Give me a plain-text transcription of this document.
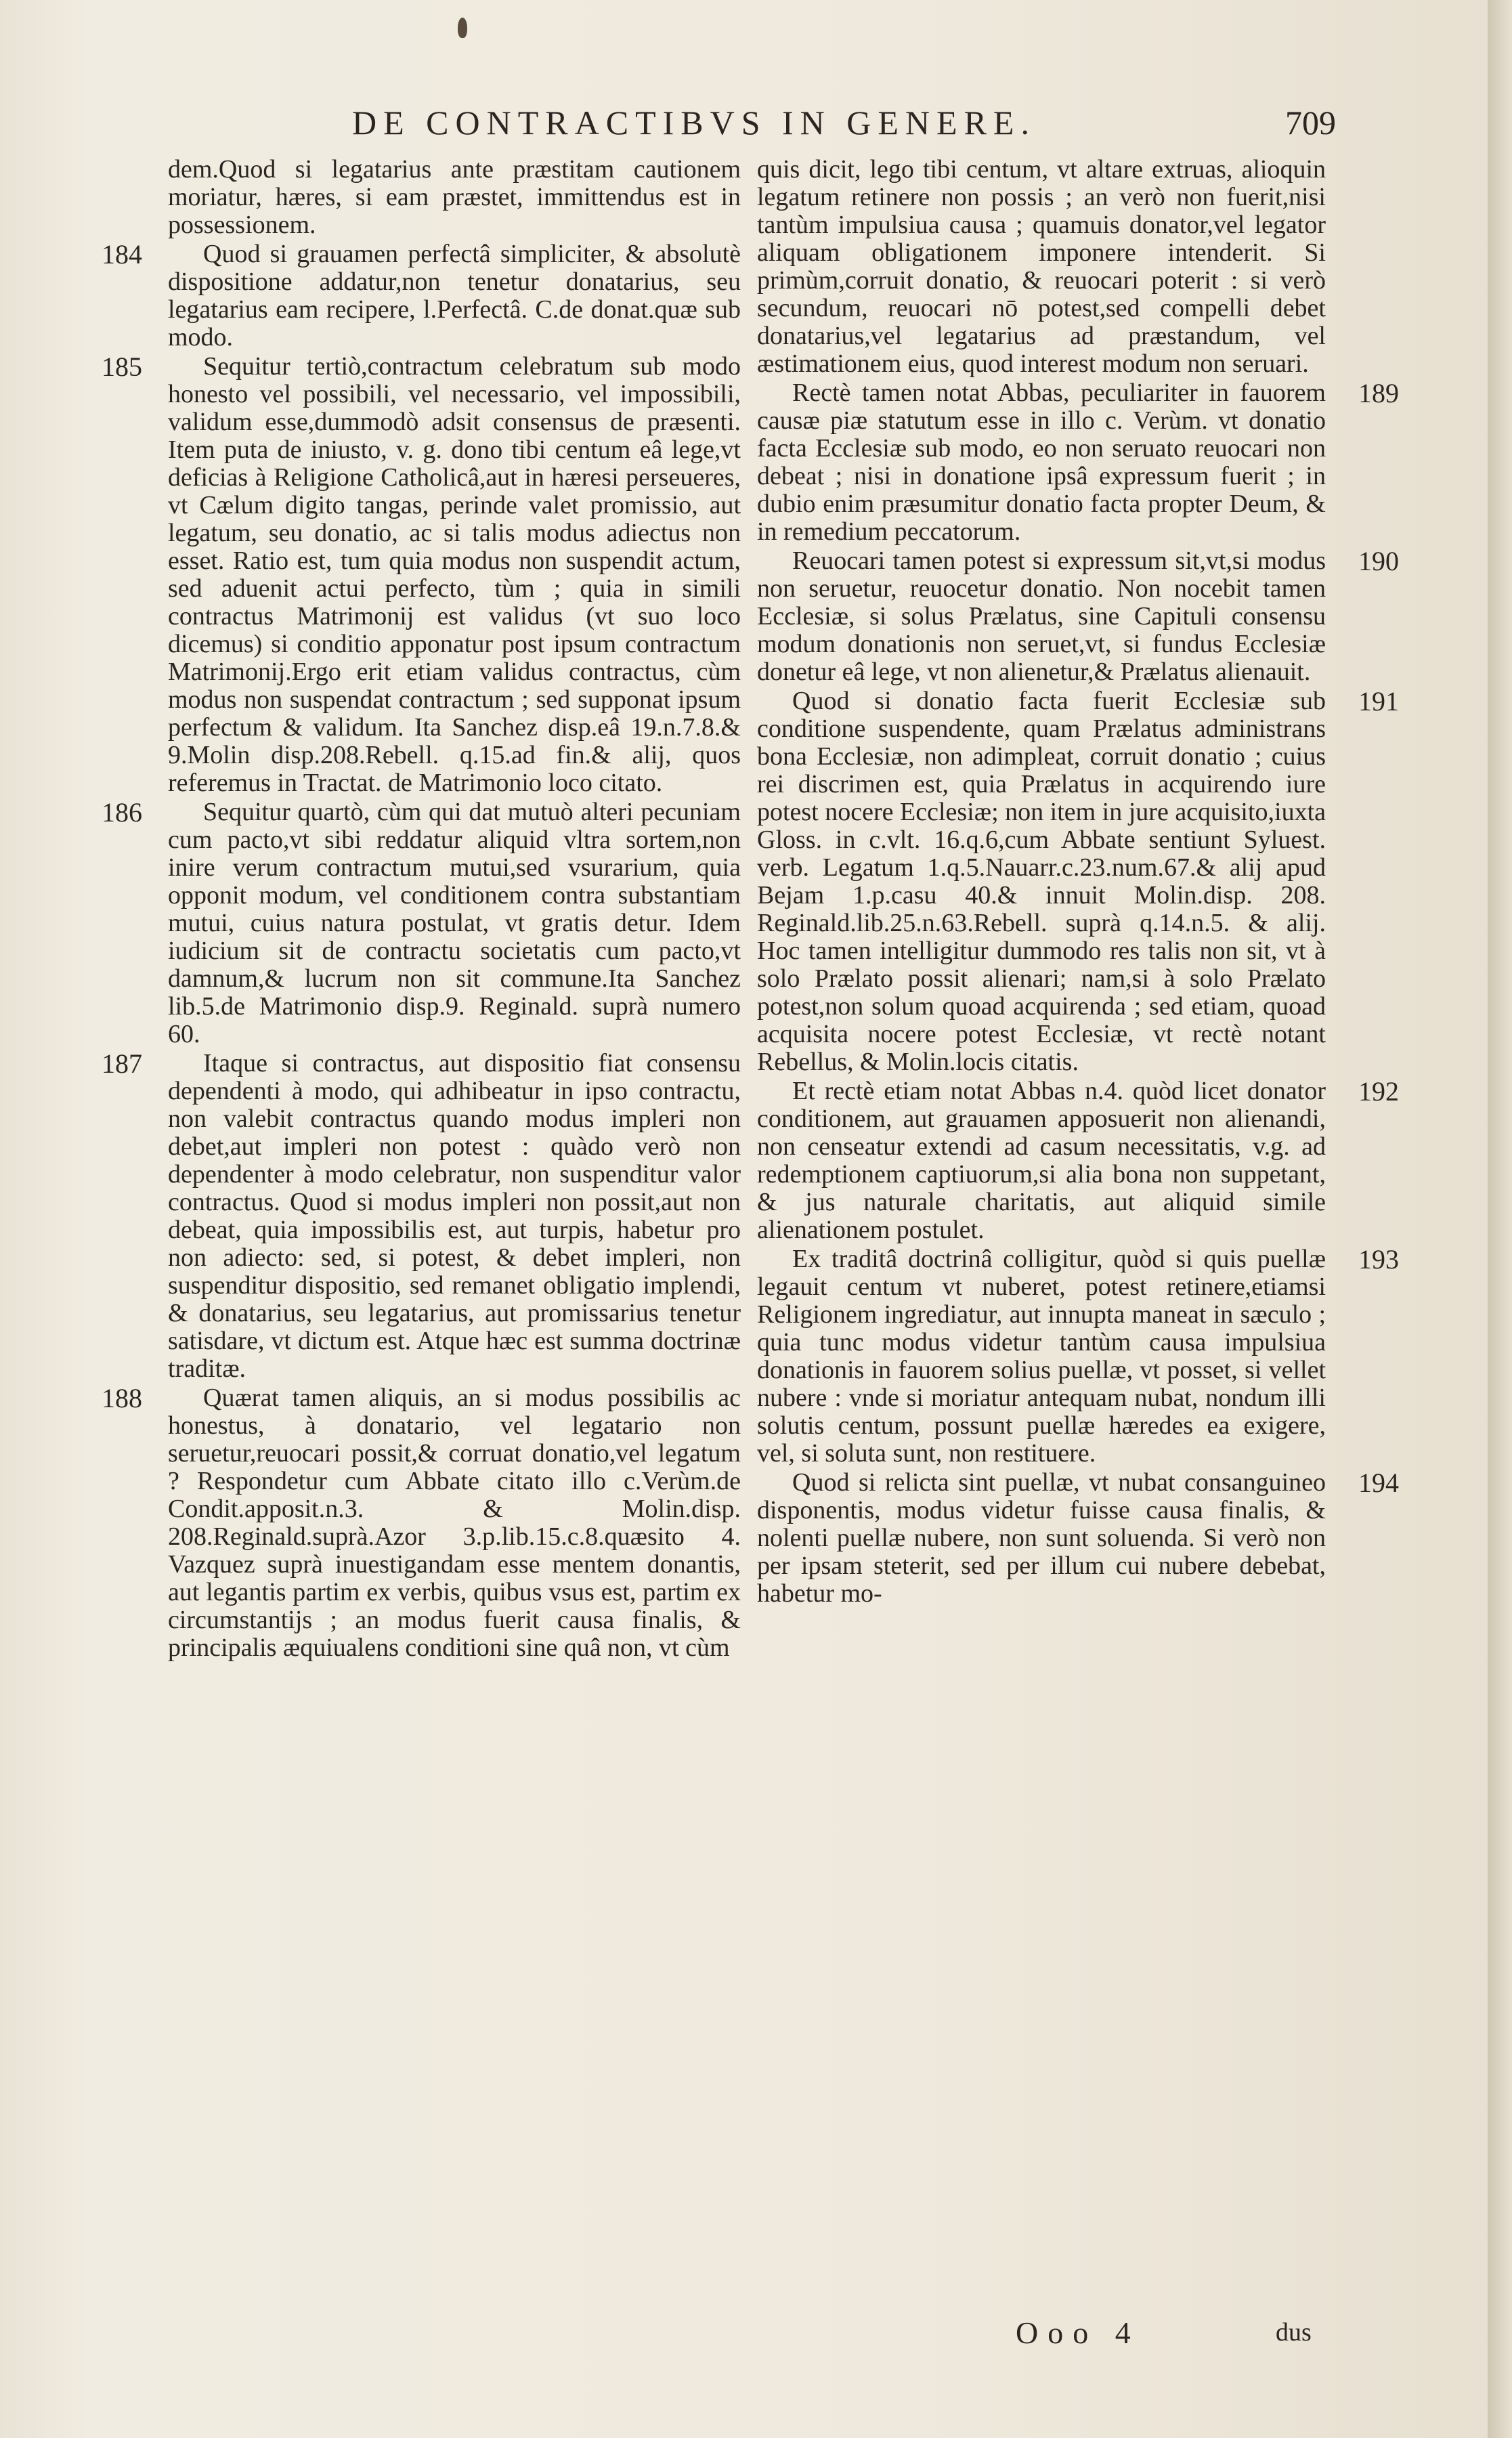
DE CONTRACTIBVS IN GENERE.	709
dem.Quod si legatarius ante præstitam cautionem moriatur, hæres, si eam præstet, immittendus est in possessionem.
184	Quod si grauamen perfectâ simpliciter, & absolutè dispositione addatur,non tenetur donatarius, seu legatarius eam recipere, l.Perfectâ. C.de donat.quæ sub modo.
185	Sequitur tertiò,contractum celebratum sub modo honesto vel possibili, vel necessario, vel impossibili, validum esse,dummodò adsit consensus de præsenti. Item puta de iniusto, v. g. dono tibi centum eâ lege,vt deficias à Religione Catholicâ,aut in hæresi perseueres, vt Cælum digito tangas, perinde valet promissio, aut legatum, seu donatio, ac si talis modus adiectus non esset. Ratio est, tum quia modus non suspendit actum, sed aduenit actui perfecto, tùm ; quia in simili contractus Matrimonij est validus (vt suo loco dicemus) si conditio apponatur post ipsum contractum Matrimonij.Ergo erit etiam validus contractus, cùm modus non suspendat contractum ; sed supponat ipsum perfectum & validum. Ita Sanchez disp.eâ 19.n.7.8.& 9.Molin disp.208.Rebell. q.15.ad fin.& alij, quos referemus in Tractat. de Matrimonio loco citato.
186	Sequitur quartò, cùm qui dat mutuò alteri pecuniam cum pacto,vt sibi reddatur aliquid vltra sortem,non inire verum contractum mutui,sed vsurarium, quia opponit modum, vel conditionem contra substantiam mutui, cuius natura postulat, vt gratis detur. Idem iudicium sit de contractu societatis cum pacto,vt damnum,& lucrum non sit commune.Ita Sanchez lib.5.de Matrimonio disp.9. Reginald. suprà numero 60.
187	Itaque si contractus, aut dispositio fiat consensu dependenti à modo, qui adhibeatur in ipso contractu, non valebit contractus quando modus impleri non debet,aut impleri non potest : quàdo verò non dependenter à modo celebratur, non suspenditur valor contractus. Quod si modus impleri non possit,aut non debeat, quia impossibilis est, aut turpis, habetur pro non adiecto: sed, si potest, & debet impleri, non suspenditur dispositio, sed remanet obligatio implendi, & donatarius, seu legatarius, aut promissarius tenetur satisdare, vt dictum est. Atque hæc est summa doctrinæ traditæ.
188	Quærat tamen aliquis, an si modus possibilis ac honestus, à donatario, vel legatario non seruetur,reuocari possit,& corruat donatio,vel legatum ? Respondetur cum Abbate citato illo c.Verùm.de Condit.apposit.n.3. & Molin.disp. 208.Reginald.suprà.Azor 3.p.lib.15.c.8.quæsito 4. Vazquez suprà inuestigandam esse mentem donantis, aut legantis partim ex verbis, quibus vsus est, partim ex circumstantijs ; an modus fuerit causa finalis, & principalis æquiualens conditioni sine quâ non, vt cùm
quis dicit, lego tibi centum, vt altare extruas, alioquin legatum retinere non possis ; an verò non fuerit,nisi tantùm impulsiua causa ; quamuis donator,vel legator aliquam obligationem imponere intenderit. Si primùm,corruit donatio, & reuocari poterit : si verò secundum, reuocari nō potest,sed compelli debet donatarius,vel legatarius ad præstandum, vel æstimationem eius, quod interest modum non seruari.
189
Rectè tamen notat Abbas, peculiariter in fauorem causæ piæ statutum esse in illo c. Verùm. vt donatio facta Ecclesiæ sub modo, eo non seruato reuocari non debeat ; nisi in donatione ipsâ expressum fuerit ; in dubio enim præsumitur donatio facta propter Deum, & in remedium peccatorum.
190
Reuocari tamen potest si expressum sit,vt,si modus non seruetur, reuocetur donatio. Non nocebit tamen Ecclesiæ, si solus Prælatus, sine Capituli consensu modum donationis non seruet,vt, si fundus Ecclesiæ donetur eâ lege, vt non alienetur,& Prælatus alienauit.
191
Quod si donatio facta fuerit Ecclesiæ sub conditione suspendente, quam Prælatus administrans bona Ecclesiæ, non adimpleat, corruit donatio ; cuius rei discrimen est, quia Prælatus in acquirendo iure potest nocere Ecclesiæ; non item in jure acquisito,iuxta Gloss. in c.vlt. 16.q.6,cum Abbate sentiunt Syluest. verb. Legatum 1.q.5.Nauarr.c.23.num.67.& alij apud Bejam 1.p.casu 40.& innuit Molin.disp. 208. Reginald.lib.25.n.63.Rebell. suprà q.14.n.5. & alij. Hoc tamen intelligitur dummodo res talis non sit, vt à solo Prælato possit alienari; nam,si à solo Prælato potest,non solum quoad acquirenda ; sed etiam, quoad acquisita nocere potest Ecclesiæ, vt rectè notant Rebellus, & Molin.locis citatis.
192
Et rectè etiam notat Abbas n.4. quòd licet donator conditionem, aut grauamen apposuerit non alienandi, non censeatur extendi ad casum necessitatis, v.g. ad redemptionem captiuorum,si alia bona non suppetant, & jus naturale charitatis, aut aliquid simile alienationem postulet.
193
Ex traditâ doctrinâ colligitur, quòd si quis puellæ legauit centum vt nuberet, potest retinere,etiamsi Religionem ingrediatur, aut innupta maneat in sæculo ; quia tunc modus videtur tantùm causa impulsiua donationis in fauorem solius puellæ, vt posset, si vellet nubere : vnde si moriatur antequam nubat, nondum illi solutis centum, possunt puellæ hæredes ea exigere, vel, si soluta sunt, non restituere.
194
Quod si relicta sint puellæ, vt nubat consanguineo disponentis, modus videtur fuisse causa finalis, & nolenti puellæ nubere, non sunt soluenda. Si verò non per ipsam steterit, sed per illum cui nubere debebat, habetur mo-
Ooo 4	dus
